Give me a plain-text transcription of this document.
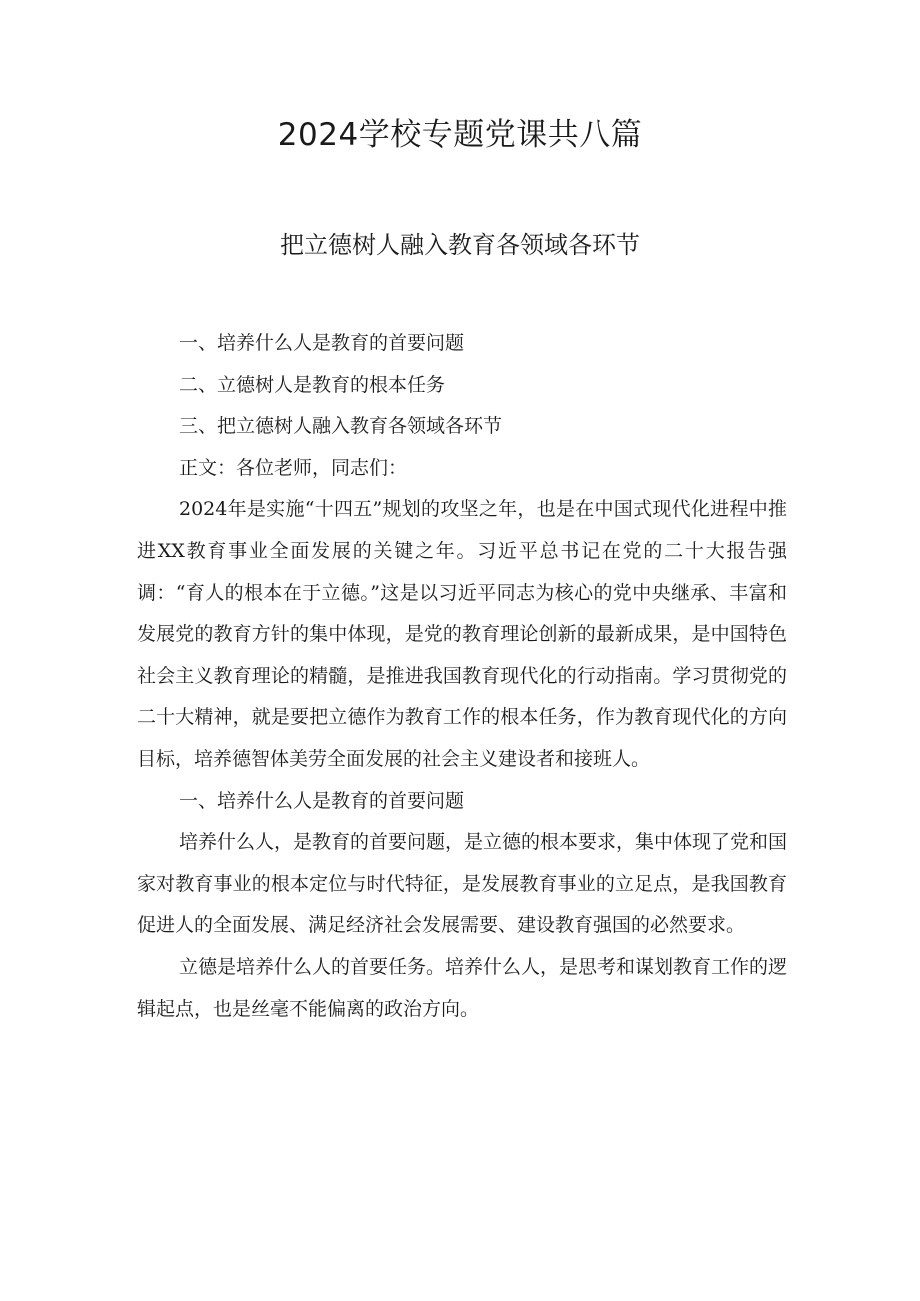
2024学校专题党课共八篇
把立德树人融入教育各领域各环节

一、培养什么人是教育的首要问题

二、立德树人是教育的根本任务

三、把立德树人融入教育各领域各环节

正文：各位老师，同志们：

2024年是实施“十四五”规划的攻坚之年，也是在中国式现代化进程中推进XX教育事业全面发展的关键之年。习近平总书记在党的二十大报告强调：“育人的根本在于立德。”这是以习近平同志为核心的党中央继承、丰富和发展党的教育方针的集中体现，是党的教育理论创新的最新成果，是中国特色社会主义教育理论的精髓，是推进我国教育现代化的行动指南。学习贯彻党的二十大精神，就是要把立德作为教育工作的根本任务，作为教育现代化的方向目标，培养德智体美劳全面发展的社会主义建设者和接班人。

一、培养什么人是教育的首要问题

培养什么人，是教育的首要问题，是立德的根本要求，集中体现了党和国家对教育事业的根本定位与时代特征，是发展教育事业的立足点，是我国教育促进人的全面发展、满足经济社会发展需要、建设教育强国的必然要求。

立德是培养什么人的首要任务。培养什么人，是思考和谋划教育工作的逻辑起点，也是丝毫不能偏离的政治方向。
